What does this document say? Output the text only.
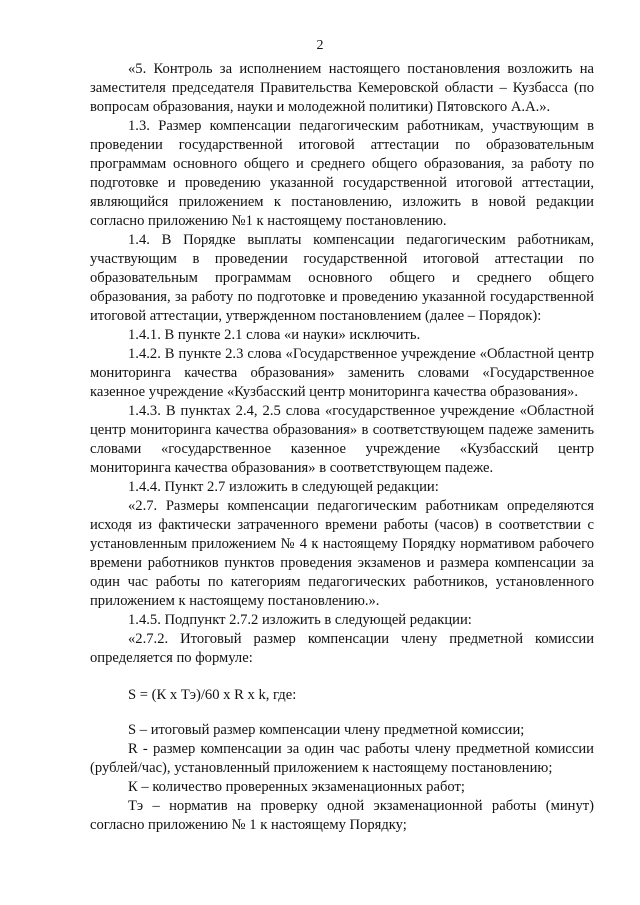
2

«5. Контроль за исполнением настоящего постановления возложить на заместителя председателя Правительства Кемеровской области – Кузбасса (по вопросам образования, науки и молодежной политики) Пятовского А.А.».

1.3. Размер компенсации педагогическим работникам, участвующим в проведении государственной итоговой аттестации по образовательным программам основного общего и среднего общего образования, за работу по подготовке и проведению указанной государственной итоговой аттестации, являющийся приложением к постановлению, изложить в новой редакции согласно приложению №1 к настоящему постановлению.

1.4. В Порядке выплаты компенсации педагогическим работникам, участвующим в проведении государственной итоговой аттестации по образовательным программам основного общего и среднего общего образования, за работу по подготовке и проведению указанной государственной итоговой аттестации, утвержденном постановлением (далее – Порядок):

1.4.1. В пункте 2.1 слова «и науки» исключить.

1.4.2. В пункте 2.3 слова «Государственное учреждение «Областной центр мониторинга качества образования» заменить словами «Государственное казенное учреждение «Кузбасский центр мониторинга качества образования».

1.4.3. В пунктах 2.4, 2.5 слова «государственное учреждение «Областной центр мониторинга качества образования» в соответствующем падеже заменить словами «государственное казенное учреждение «Кузбасский центр мониторинга качества образования» в соответствующем падеже.

1.4.4. Пункт 2.7 изложить в следующей редакции:

«2.7. Размеры компенсации педагогическим работникам определяются исходя из фактически затраченного времени работы (часов) в соответствии с установленным приложением № 4 к настоящему Порядку нормативом рабочего времени работников пунктов проведения экзаменов и размера компенсации за один час работы по категориям педагогических работников, установленного приложением к настоящему постановлению.».

1.4.5. Подпункт 2.7.2 изложить в следующей редакции:

«2.7.2. Итоговый размер компенсации члену предметной комиссии определяется по формуле:

S = (К х Тэ)/60 х R х k, где:

S – итоговый размер компенсации члену предметной комиссии;

R - размер компенсации за один час работы члену предметной комиссии (рублей/час), установленный приложением к настоящему постановлению;

К – количество проверенных экзаменационных работ;

Тэ – норматив на проверку одной экзаменационной работы (минут) согласно приложению № 1 к настоящему Порядку;
